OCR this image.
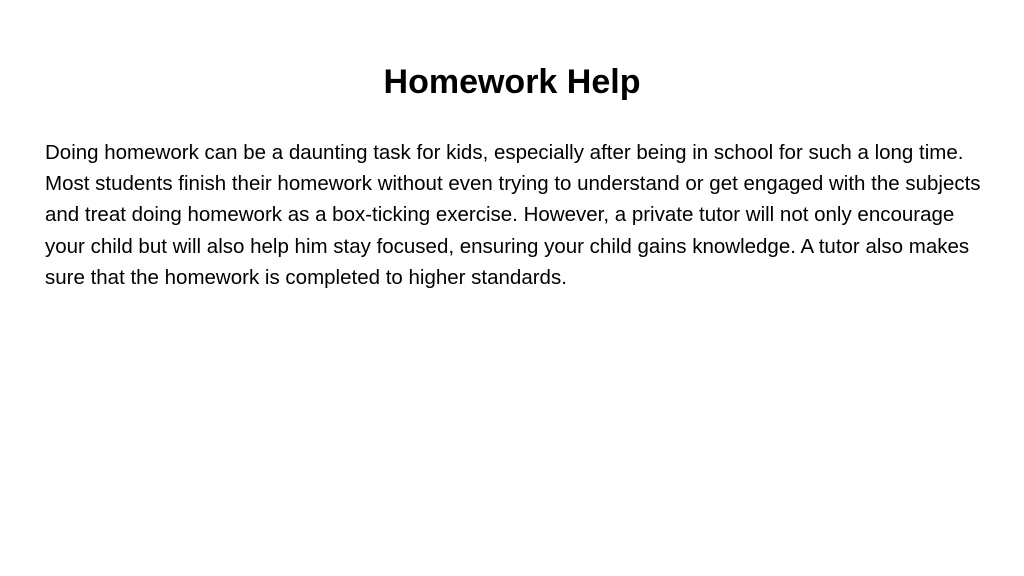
Homework Help

Doing homework can be a daunting task for kids, especially after being in school for such a long time. Most students finish their homework without even trying to understand or get engaged with the subjects and treat doing homework as a box-ticking exercise. However, a private tutor will not only encourage your child but will also help him stay focused, ensuring your child gains knowledge. A tutor also makes sure that the homework is completed to higher standards.
